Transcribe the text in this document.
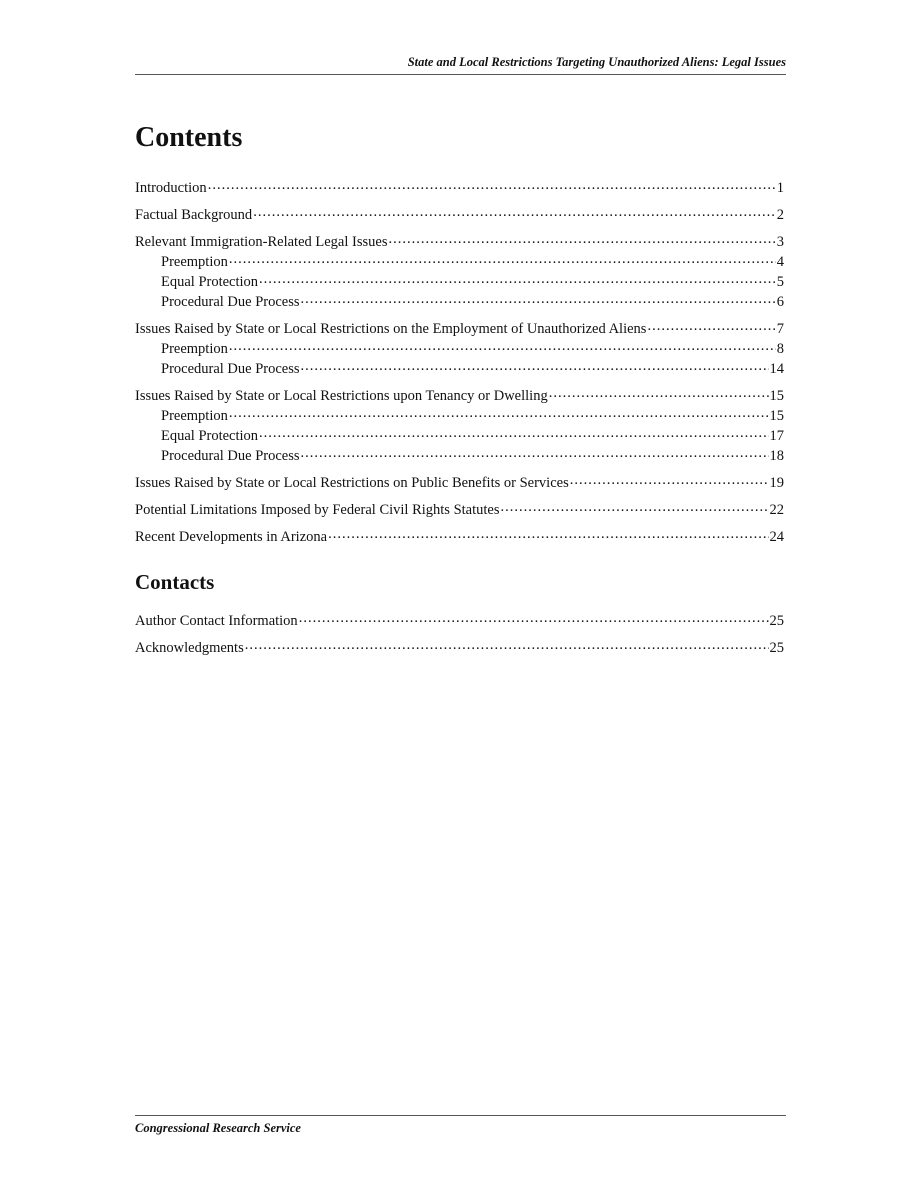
State and Local Restrictions Targeting Unauthorized Aliens: Legal Issues
Contents
Introduction .....	1
Factual Background .....	2
Relevant Immigration-Related Legal Issues .....	3
Preemption .....	4
Equal Protection .....	5
Procedural Due Process .....	6
Issues Raised by State or Local Restrictions on the Employment of Unauthorized Aliens .....	7
Preemption .....	8
Procedural Due Process .....	14
Issues Raised by State or Local Restrictions upon Tenancy or Dwelling .....	15
Preemption .....	15
Equal Protection .....	17
Procedural Due Process .....	18
Issues Raised by State or Local Restrictions on Public Benefits or Services .....	19
Potential Limitations Imposed by Federal Civil Rights Statutes .....	22
Recent Developments in Arizona .....	24
Contacts
Author Contact Information .....	25
Acknowledgments .....	25
Congressional Research Service
